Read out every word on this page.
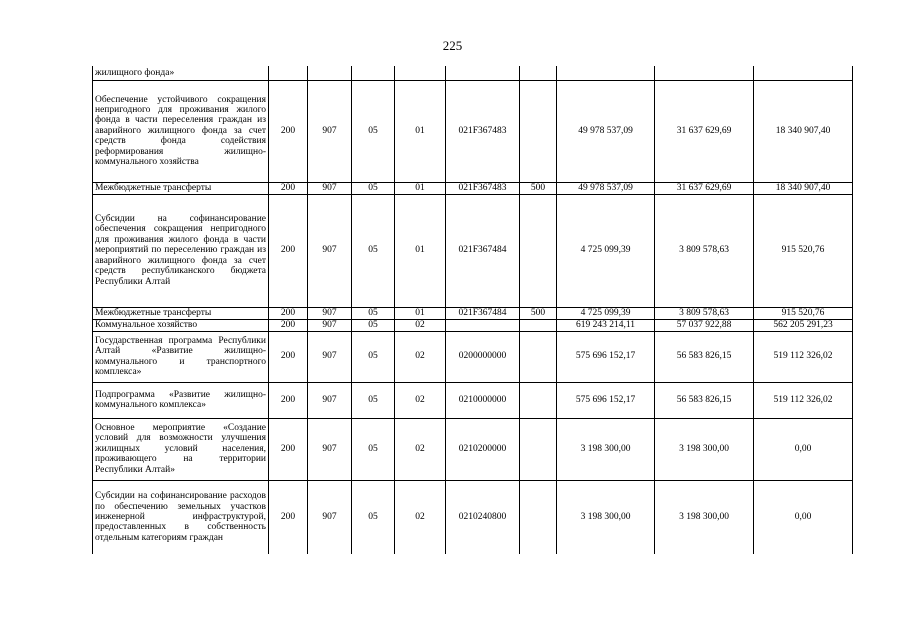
225
жилищного фонда»									
Обеспечение устойчивого сокращения непригодного для проживания жилого фонда в части переселения граждан из аварийного жилищного фонда за счет средств фонда содействия реформирования жилищно-коммунального хозяйства	200	907	05	01	021F367483		49 978 537,09	31 637 629,69	18 340 907,40
Межбюджетные трансферты	200	907	05	01	021F367483	500	49 978 537,09	31 637 629,69	18 340 907,40
Субсидии на софинансирование обеспечения сокращения непригодного для проживания жилого фонда в части мероприятий по переселению граждан из аварийного жилищного фонда за счет средств республиканского бюджета Республики Алтай	200	907	05	01	021F367484		4 725 099,39	3 809 578,63	915 520,76
Межбюджетные трансферты	200	907	05	01	021F367484	500	4 725 099,39	3 809 578,63	915 520,76
Коммунальное хозяйство	200	907	05	02			619 243 214,11	57 037 922,88	562 205 291,23
Государственная программа Республики Алтай «Развитие жилищно-коммунального и транспортного комплекса»	200	907	05	02	0200000000		575 696 152,17	56 583 826,15	519 112 326,02
Подпрограмма «Развитие жилищно-коммунального комплекса»	200	907	05	02	0210000000		575 696 152,17	56 583 826,15	519 112 326,02
Основное мероприятие «Создание условий для возможности улучшения жилищных условий населения, проживающего на территории Республики Алтай»	200	907	05	02	0210200000		3 198 300,00	3 198 300,00	0,00
Субсидии на софинансирование расходов по обеспечению земельных участков инженерной инфраструктурой, предоставленных в собственность отдельным категориям граждан	200	907	05	02	0210240800		3 198 300,00	3 198 300,00	0,00
